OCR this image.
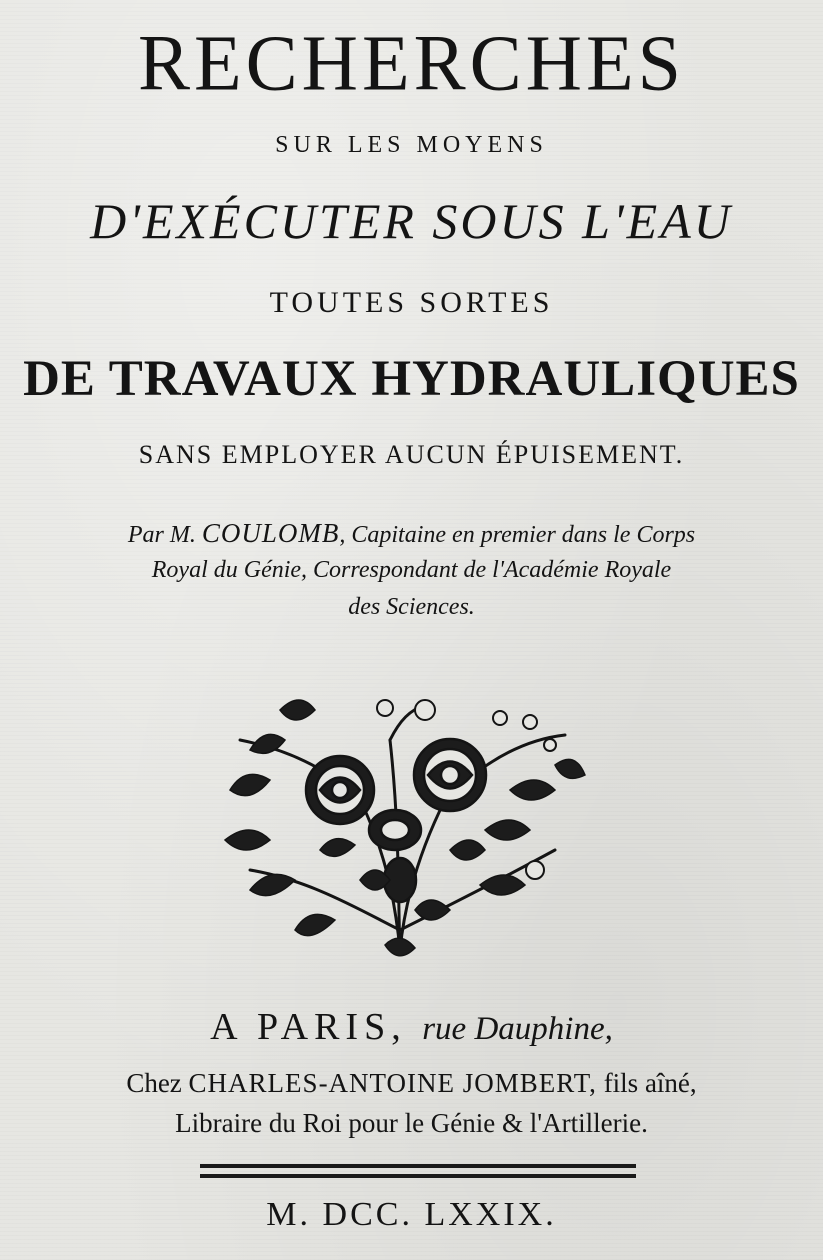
RECHERCHES
SUR LES MOYENS
D'EXÉCUTER SOUS L'EAU
TOUTES SORTES
DE TRAVAUX HYDRAULIQUES
SANS EMPLOYER AUCUN ÉPUISEMENT.
Par M. COULOMB, Capitaine en premier dans le Corps
Royal du Génie, Correspondant de l'Académie Royale
des Sciences.
A PARIS, rue Dauphine,
Chez CHARLES-ANTOINE JOMBERT, fils aîné,
Libraire du Roi pour le Génie & l'Artillerie.
M. DCC. LXXIX.
